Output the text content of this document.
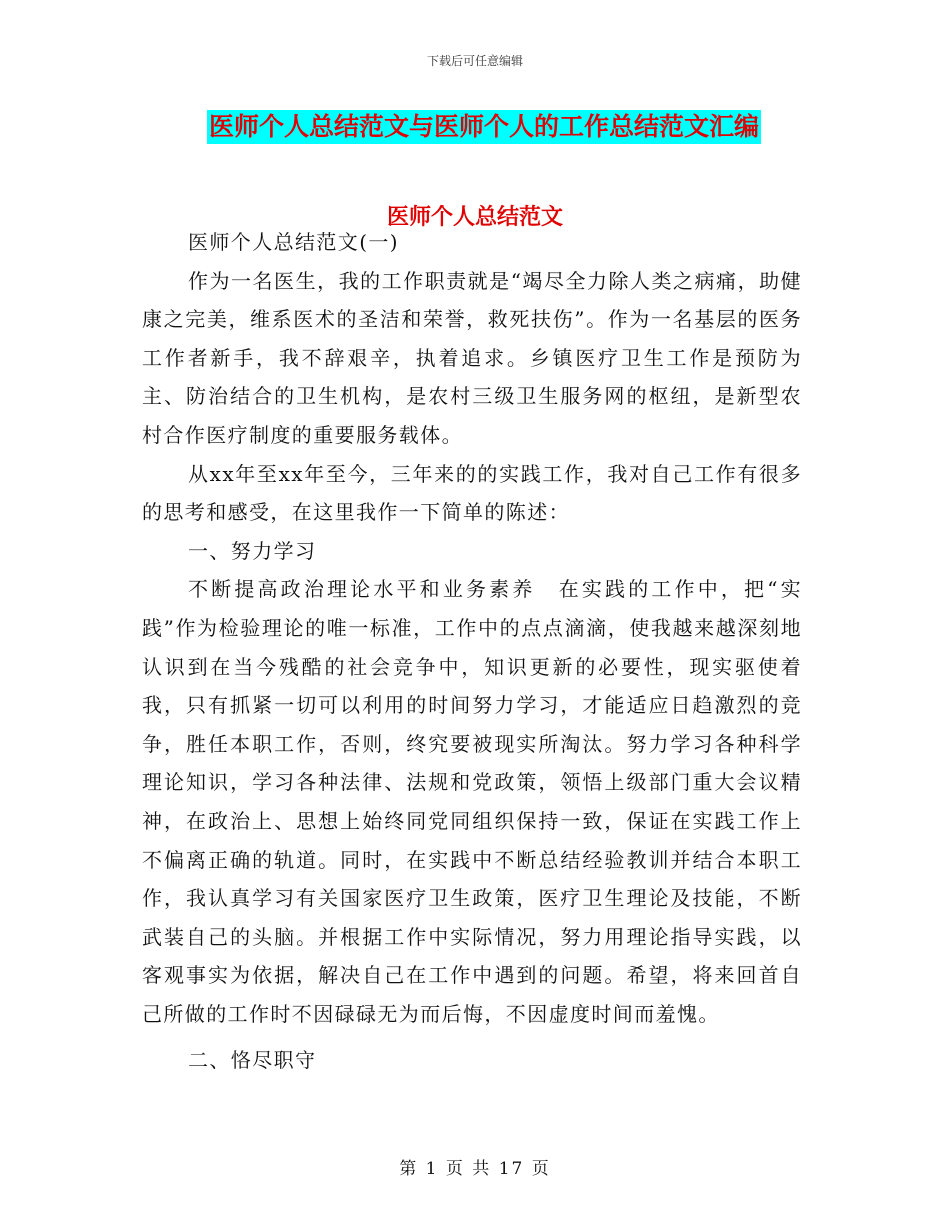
下载后可任意编辑
医师个人总结范文与医师个人的工作总结范文汇编
医师个人总结范文

医师个人总结范文(一)

作为一名医生，我的工作职责就是“竭尽全力除人类之病痛，助健康之完美，维系医术的圣洁和荣誉，救死扶伤”。作为一名基层的医务工作者新手，我不辞艰辛，执着追求。乡镇医疗卫生工作是预防为主、防治结合的卫生机构，是农村三级卫生服务网的枢纽，是新型农村合作医疗制度的重要服务载体。

从xx年至xx年至今，三年来的的实践工作，我对自己工作有很多的思考和感受，在这里我作一下简单的陈述：

一、努力学习

不断提高政治理论水平和业务素养　在实践的工作中，把“实践”作为检验理论的唯一标准，工作中的点点滴滴，使我越来越深刻地认识到在当今残酷的社会竞争中，知识更新的必要性，现实驱使着我，只有抓紧一切可以利用的时间努力学习，才能适应日趋激烈的竞争，胜任本职工作，否则，终究要被现实所淘汰。努力学习各种科学理论知识，学习各种法律、法规和党政策，领悟上级部门重大会议精神，在政治上、思想上始终同党同组织保持一致，保证在实践工作上不偏离正确的轨道。同时，在实践中不断总结经验教训并结合本职工作，我认真学习有关国家医疗卫生政策，医疗卫生理论及技能，不断武装自己的头脑。并根据工作中实际情况，努力用理论指导实践，以客观事实为依据，解决自己在工作中遇到的问题。希望，将来回首自己所做的工作时不因碌碌无为而后悔，不因虚度时间而羞愧。

二、恪尽职守

第 1 页 共 17 页
